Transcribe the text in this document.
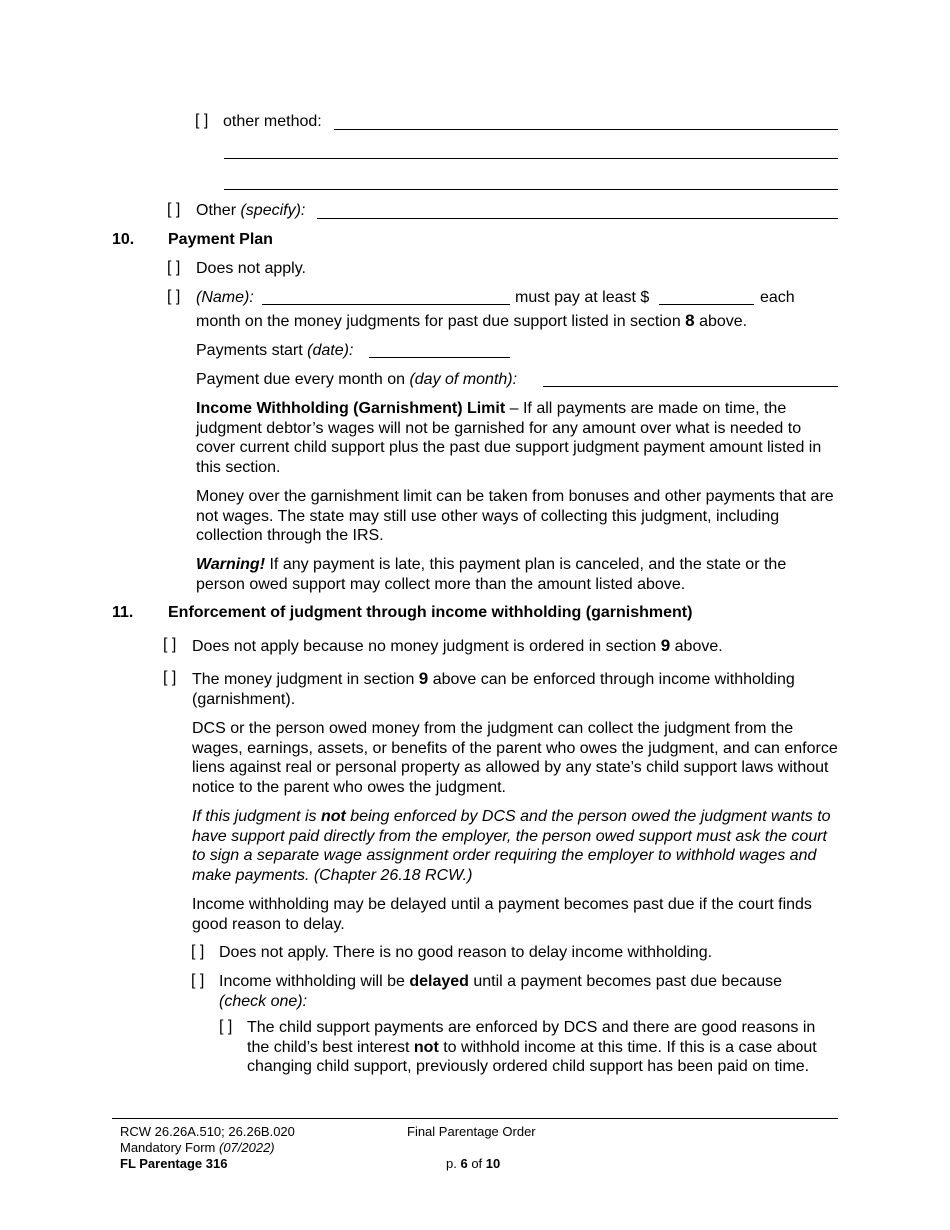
[ ] other method:
[ ] Other (specify):
10. Payment Plan
[ ] Does not apply.
[ ] (Name):	must pay at least $	each
month on the money judgments for past due support listed in section 8 above.
Payments start (date):
Payment due every month on (day of month):
Income Withholding (Garnishment) Limit – If all payments are made on time, the judgment debtor’s wages will not be garnished for any amount over what is needed to cover current child support plus the past due support judgment payment amount listed in this section.
Money over the garnishment limit can be taken from bonuses and other payments that are not wages. The state may still use other ways of collecting this judgment, including collection through the IRS.
Warning! If any payment is late, this payment plan is canceled, and the state or the person owed support may collect more than the amount listed above.
11. Enforcement of judgment through income withholding (garnishment)
[ ] Does not apply because no money judgment is ordered in section 9 above.
[ ] The money judgment in section 9 above can be enforced through income withholding (garnishment).
DCS or the person owed money from the judgment can collect the judgment from the wages, earnings, assets, or benefits of the parent who owes the judgment, and can enforce liens against real or personal property as allowed by any state’s child support laws without notice to the parent who owes the judgment.
If this judgment is not being enforced by DCS and the person owed the judgment wants to have support paid directly from the employer, the person owed support must ask the court to sign a separate wage assignment order requiring the employer to withhold wages and make payments. (Chapter 26.18 RCW.)
Income withholding may be delayed until a payment becomes past due if the court finds good reason to delay.
[ ] Does not apply. There is no good reason to delay income withholding.
[ ] Income withholding will be delayed until a payment becomes past due because (check one):
[ ] The child support payments are enforced by DCS and there are good reasons in the child’s best interest not to withhold income at this time. If this is a case about changing child support, previously ordered child support has been paid on time.
RCW 26.26A.510; 26.26B.020
Mandatory Form (07/2022)
FL Parentage 316
Final Parentage Order
p. 6 of 10
